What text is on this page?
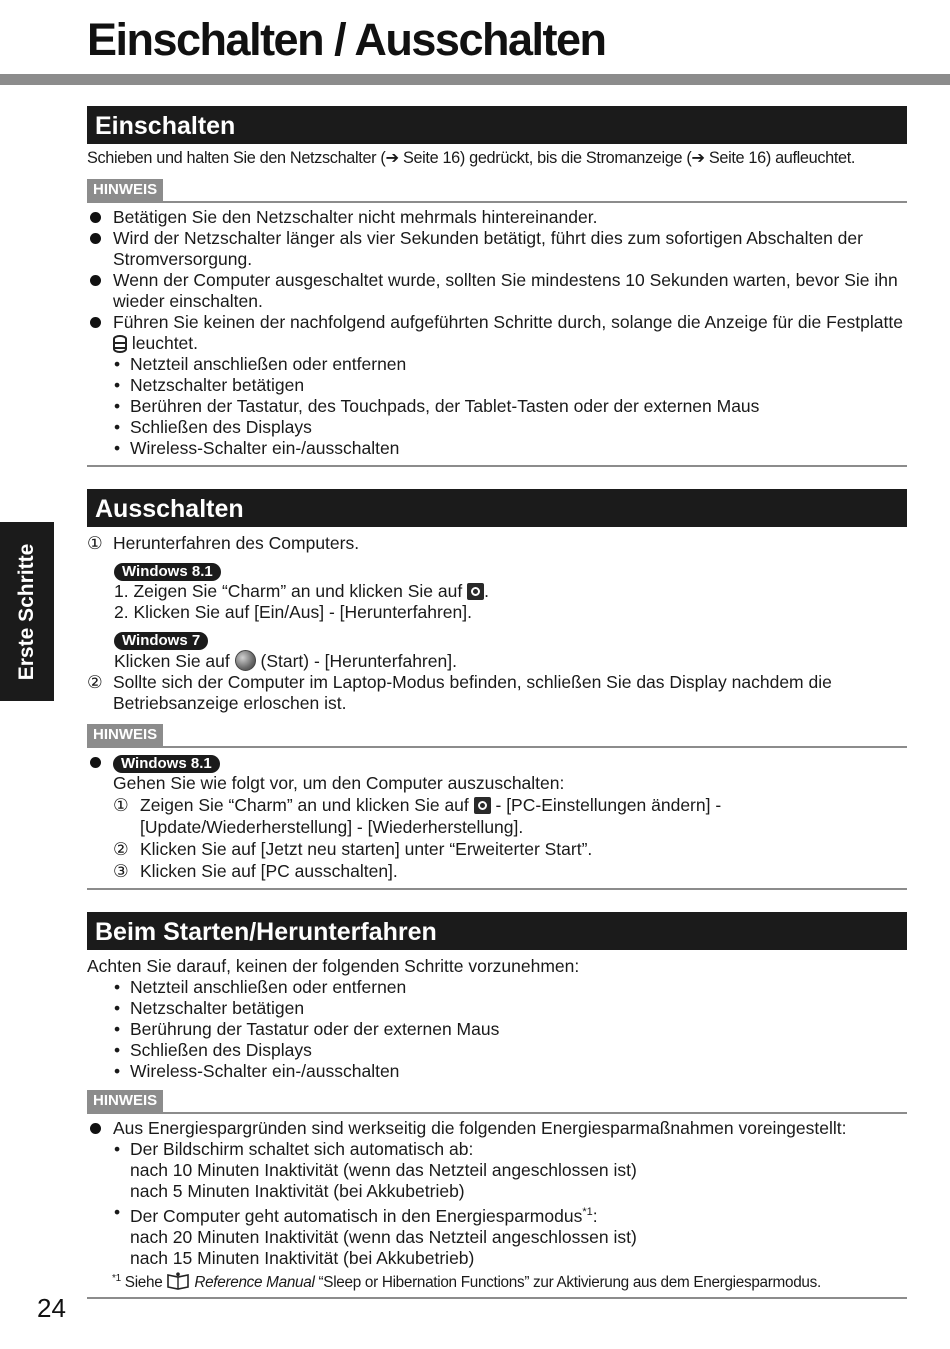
Einschalten / Ausschalten
Erste Schritte
24
Einschalten

Schieben und halten Sie den Netzschalter (➔ Seite 16) gedrückt, bis die Stromanzeige (➔ Seite 16) aufleuchtet.

HINWEIS
Betätigen Sie den Netzschalter nicht mehrmals hintereinander.
Wird der Netzschalter länger als vier Sekunden betätigt, führt dies zum sofortigen Abschalten der Stromversorgung.
Wenn der Computer ausgeschaltet wurde, sollten Sie mindestens 10 Sekunden warten, bevor Sie ihn wieder einschalten.
Führen Sie keinen der nachfolgend aufgeführten Schritte durch, solange die Anzeige für die Festplatte  leuchtet.
• Netzteil anschließen oder entfernen
• Netzschalter betätigen
• Berühren der Tastatur, des Touchpads, der Tablet-Tasten oder der externen Maus
• Schließen des Displays
• Wireless-Schalter ein-/ausschalten
Ausschalten

① Herunterfahren des Computers.

Windows 8.1

1. Zeigen Sie “Charm” an und klicken Sie auf .

2. Klicken Sie auf [Ein/Aus] - [Herunterfahren].

Windows 7

Klicken Sie auf  (Start) - [Herunterfahren].

② Sollte sich der Computer im Laptop-Modus befinden, schließen Sie das Display nachdem die Betriebsanzeige erloschen ist.

HINWEIS
Windows 8.1

Gehen Sie wie folgt vor, um den Computer auszuschalten:

① Zeigen Sie “Charm” an und klicken Sie auf  - [PC-Einstellungen ändern] - [Update/Wiederherstellung] - [Wiederherstellung].

② Klicken Sie auf [Jetzt neu starten] unter “Erweiterter Start”.

③ Klicken Sie auf [PC ausschalten].

Beim Starten/Herunterfahren

Achten Sie darauf, keinen der folgenden Schritte vorzunehmen:

• Netzteil anschließen oder entfernen
• Netzschalter betätigen
• Berührung der Tastatur oder der externen Maus
• Schließen des Displays
• Wireless-Schalter ein-/ausschalten
HINWEIS
Aus Energiespargründen sind werkseitig die folgenden Energiesparmaßnahmen voreingestellt:
• Der Bildschirm schaltet sich automatisch ab:
nach 10 Minuten Inaktivität (wenn das Netzteil angeschlossen ist)
nach 5 Minuten Inaktivität (bei Akkubetrieb)
• Der Computer geht automatisch in den Energiesparmodus$^{*1}$:
nach 20 Minuten Inaktivität (wenn das Netzteil angeschlossen ist)
nach 15 Minuten Inaktivität (bei Akkubetrieb)

$^{*1}$ Siehe  Reference Manual “Sleep or Hibernation Functions” zur Aktivierung aus dem Energiesparmodus.
